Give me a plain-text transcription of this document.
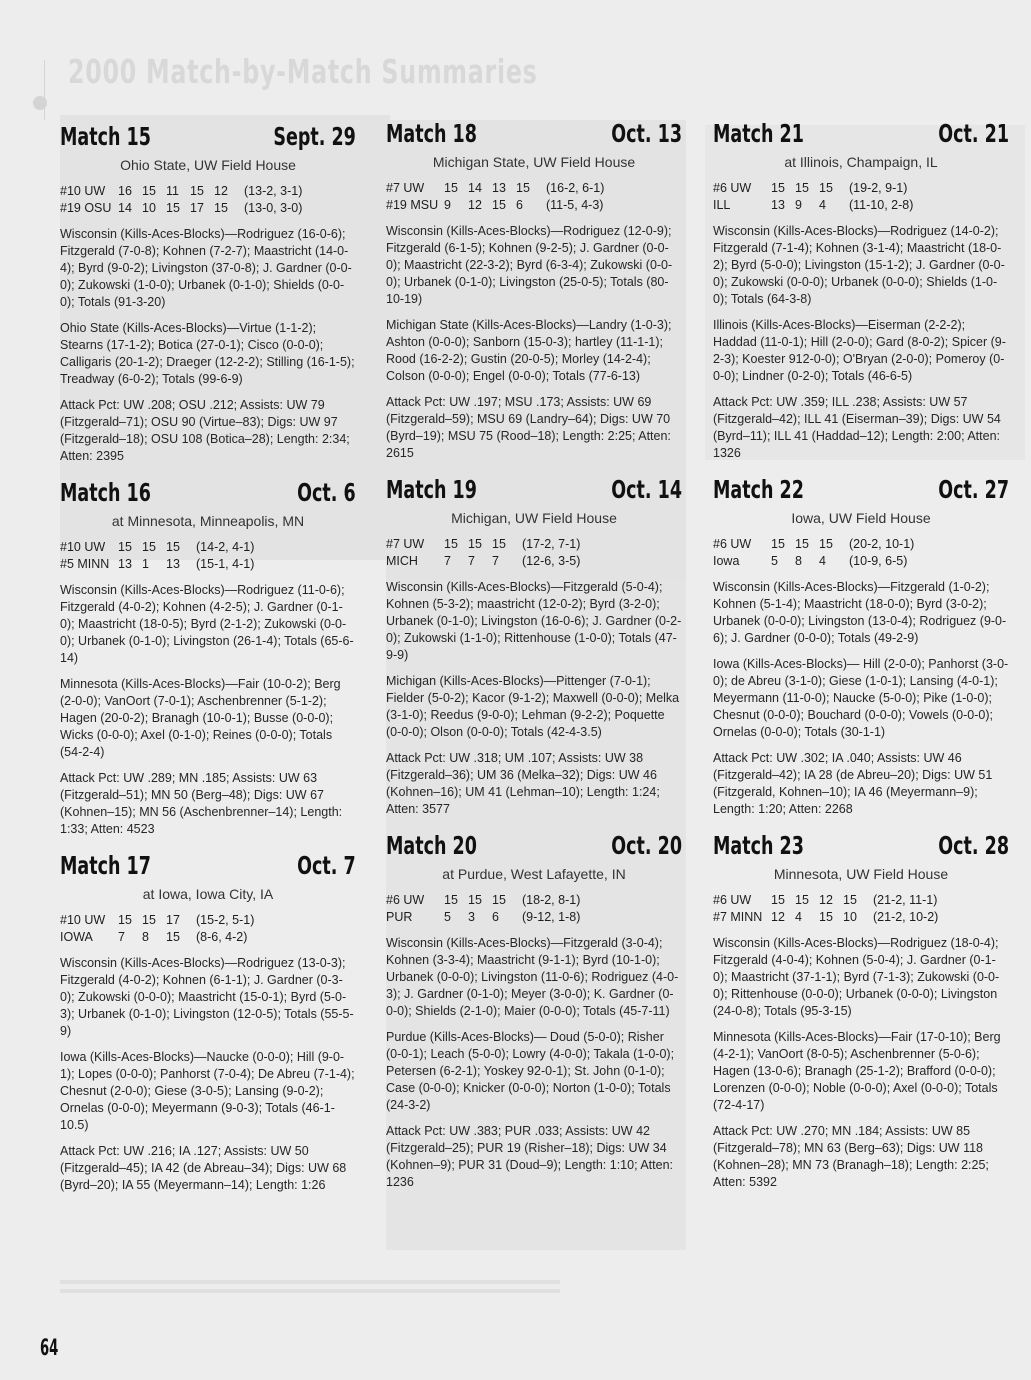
2000 Match-by-Match Summaries
Match 15	Sept. 29
Ohio State, UW Field House
#10 UW	16	15	11	15	12	(13-2, 3-1)
#19 OSU	14	10	15	17	15	(13-0, 3-0)

Wisconsin (Kills-Aces-Blocks)—Rodriguez (16-0-6); Fitzgerald (7-0-8); Kohnen (7-2-7); Maastricht (14-0-4); Byrd (9-0-2); Livingston (37-0-8); J. Gardner (0-0-0); Zukowski (1-0-0); Urbanek (0-1-0); Shields (0-0-0); Totals (91-3-20)

Ohio State (Kills-Aces-Blocks)—Virtue (1-1-2); Stearns (17-1-2); Botica (27-0-1); Cisco (0-0-0); Calligaris (20-1-2); Draeger (12-2-2); Stilling (16-1-5); Treadway (6-0-2); Totals (99-6-9)

Attack Pct: UW .208; OSU .212; Assists: UW 79 (Fitzgerald–71); OSU 90 (Virtue–83); Digs: UW 97 (Fitzgerald–18); OSU 108 (Botica–28); Length: 2:34; Atten: 2395

Match 16	Oct. 6
at Minnesota, Minneapolis, MN
#10 UW	15	15	15	(14-2, 4-1)
#5 MINN	13	1	13	(15-1, 4-1)

Wisconsin (Kills-Aces-Blocks)—Rodriguez (11-0-6); Fitzgerald (4-0-2); Kohnen (4-2-5); J. Gardner (0-1-0); Maastricht (18-0-5); Byrd (2-1-2); Zukowski (0-0-0); Urbanek (0-1-0); Livingston (26-1-4); Totals (65-6-14)

Minnesota (Kills-Aces-Blocks)—Fair (10-0-2); Berg (2-0-0); VanOort (7-0-1); Aschenbrenner (5-1-2); Hagen (20-0-2); Branagh (10-0-1); Busse (0-0-0); Wicks (0-0-0); Axel (0-1-0); Reines (0-0-0); Totals (54-2-4)

Attack Pct: UW .289; MN .185; Assists: UW 63 (Fitzgerald–51); MN 50 (Berg–48); Digs: UW 67 (Kohnen–15); MN 56 (Aschenbrenner–14); Length: 1:33; Atten: 4523

Match 17	Oct. 7
at Iowa, Iowa City, IA
#10 UW	15	15	17	(15-2, 5-1)
IOWA	7	8	15	(8-6, 4-2)

Wisconsin (Kills-Aces-Blocks)—Rodriguez (13-0-3); Fitzgerald (4-0-2); Kohnen (6-1-1); J. Gardner (0-3-0); Zukowski (0-0-0); Maastricht (15-0-1); Byrd (5-0-3); Urbanek (0-1-0); Livingston (12-0-5); Totals (55-5-9)

Iowa (Kills-Aces-Blocks)—Naucke (0-0-0); Hill (9-0-1); Lopes (0-0-0); Panhorst (7-0-4); De Abreu (7-1-4); Chesnut (2-0-0); Giese (3-0-5); Lansing (9-0-2); Ornelas (0-0-0); Meyermann (9-0-3); Totals (46-1-10.5)

Attack Pct: UW .216; IA .127; Assists: UW 50 (Fitzgerald–45); IA 42 (de Abreau–34); Digs: UW 68 (Byrd–20); IA 55 (Meyermann–14); Length: 1:26

Match 18	Oct. 13
Michigan State, UW Field House
#7 UW	15	14	13	15	(16-2, 6-1)
#19 MSU	9	12	15	6	(11-5, 4-3)

Wisconsin (Kills-Aces-Blocks)—Rodriguez (12-0-9); Fitzgerald (6-1-5); Kohnen (9-2-5); J. Gardner (0-0-0); Maastricht (22-3-2); Byrd (6-3-4); Zukowski (0-0-0); Urbanek (0-1-0); Livingston (25-0-5); Totals (80-10-19)

Michigan State (Kills-Aces-Blocks)—Landry (1-0-3); Ashton (0-0-0); Sanborn (15-0-3); hartley (11-1-1); Rood (16-2-2); Gustin (20-0-5); Morley (14-2-4); Colson (0-0-0); Engel (0-0-0); Totals (77-6-13)

Attack Pct: UW .197; MSU .173; Assists: UW 69 (Fitzgerald–59); MSU 69 (Landry–64); Digs: UW 70 (Byrd–19); MSU 75 (Rood–18); Length: 2:25; Atten: 2615

Match 19	Oct. 14
Michigan, UW Field House
#7 UW	15	15	15	(17-2, 7-1)
MICH	7	7	7	(12-6, 3-5)

Wisconsin (Kills-Aces-Blocks)—Fitzgerald (5-0-4); Kohnen (5-3-2); maastricht (12-0-2); Byrd (3-2-0); Urbanek (0-1-0); Livingston (16-0-6); J. Gardner (0-2-0); Zukowski (1-1-0); Rittenhouse (1-0-0); Totals (47-9-9)

Michigan (Kills-Aces-Blocks)—Pittenger (7-0-1); Fielder (5-0-2); Kacor (9-1-2); Maxwell (0-0-0); Melka (3-1-0); Reedus (9-0-0); Lehman (9-2-2); Poquette (0-0-0); Olson (0-0-0); Totals (42-4-3.5)

Attack Pct: UW .318; UM .107; Assists: UW 38 (Fitzgerald–36); UM 36 (Melka–32); Digs: UW 46 (Kohnen–16); UM 41 (Lehman–10); Length: 1:24; Atten: 3577

Match 20	Oct. 20
at Purdue, West Lafayette, IN
#6 UW	15	15	15	(18-2, 8-1)
PUR	5	3	6	(9-12, 1-8)

Wisconsin (Kills-Aces-Blocks)—Fitzgerald (3-0-4); Kohnen (3-3-4); Maastricht (9-1-1); Byrd (10-1-0); Urbanek (0-0-0); Livingston (11-0-6); Rodriguez (4-0-3); J. Gardner (0-1-0); Meyer (3-0-0); K. Gardner (0-0-0); Shields (2-1-0); Maier (0-0-0); Totals (45-7-11)

Purdue (Kills-Aces-Blocks)— Doud (5-0-0); Risher (0-0-1); Leach (5-0-0); Lowry (4-0-0); Takala (1-0-0); Petersen (6-2-1); Yoskey 92-0-1); St. John (0-1-0); Case (0-0-0); Knicker (0-0-0); Norton (1-0-0); Totals (24-3-2)

Attack Pct: UW .383; PUR .033; Assists: UW 42 (Fitzgerald–25); PUR 19 (Risher–18); Digs: UW 34 (Kohnen–9); PUR 31 (Doud–9); Length: 1:10; Atten: 1236

Match 21	Oct. 21
at Illinois, Champaign, IL
#6 UW	15	15	15	(19-2, 9-1)
ILL	13	9	4	(11-10, 2-8)

Wisconsin (Kills-Aces-Blocks)—Rodriguez (14-0-2); Fitzgerald (7-1-4); Kohnen (3-1-4); Maastricht (18-0-2); Byrd (5-0-0); Livingston (15-1-2); J. Gardner (0-0-0); Zukowski (0-0-0); Urbanek (0-0-0); Shields (1-0-0); Totals (64-3-8)

Illinois (Kills-Aces-Blocks)—Eiserman (2-2-2); Haddad (11-0-1); Hill (2-0-0); Gard (8-0-2); Spicer (9-2-3); Koester 912-0-0); O'Bryan (2-0-0); Pomeroy (0-0-0); Lindner (0-2-0); Totals (46-6-5)

Attack Pct: UW .359; ILL .238; Assists: UW 57 (Fitzgerald–42); ILL 41 (Eiserman–39); Digs: UW 54 (Byrd–11); ILL 41 (Haddad–12); Length: 2:00; Atten: 1326

Match 22	Oct. 27
Iowa, UW Field House
#6 UW	15	15	15	(20-2, 10-1)
Iowa	5	8	4	(10-9, 6-5)

Wisconsin (Kills-Aces-Blocks)—Fitzgerald (1-0-2); Kohnen (5-1-4); Maastricht (18-0-0); Byrd (3-0-2); Urbanek (0-0-0); Livingston (13-0-4); Rodriguez (9-0-6); J. Gardner (0-0-0); Totals (49-2-9)

Iowa (Kills-Aces-Blocks)— Hill (2-0-0); Panhorst (3-0-0); de Abreu (3-1-0); Giese (1-0-1); Lansing (4-0-1); Meyermann (11-0-0); Naucke (5-0-0); Pike (1-0-0); Chesnut (0-0-0); Bouchard (0-0-0); Vowels (0-0-0); Ornelas (0-0-0); Totals (30-1-1)

Attack Pct: UW .302; IA .040; Assists: UW 46 (Fitzgerald–42); IA 28 (de Abreu–20); Digs: UW 51 (Fitzgerald, Kohnen–10); IA 46 (Meyermann–9); Length: 1:20; Atten: 2268

Match 23	Oct. 28
Minnesota, UW Field House
#6 UW	15	15	12	15	(21-2, 11-1)
#7 MINN	12	4	15	10	(21-2, 10-2)

Wisconsin (Kills-Aces-Blocks)—Rodriguez (18-0-4); Fitzgerald (4-0-4); Kohnen (5-0-4); J. Gardner (0-1-0); Maastricht (37-1-1); Byrd (7-1-3); Zukowski (0-0-0); Rittenhouse (0-0-0); Urbanek (0-0-0); Livingston (24-0-8); Totals (95-3-15)

Minnesota (Kills-Aces-Blocks)—Fair (17-0-10); Berg (4-2-1); VanOort (8-0-5); Aschenbrenner (5-0-6); Hagen (13-0-6); Branagh (25-1-2); Brafford (0-0-0); Lorenzen (0-0-0); Noble (0-0-0); Axel (0-0-0); Totals (72-4-17)

Attack Pct: UW .270; MN .184; Assists: UW 85 (Fitzgerald–78); MN 63 (Berg–63); Digs: UW 118 (Kohnen–28); MN 73 (Branagh–18); Length: 2:25; Atten: 5392

64
